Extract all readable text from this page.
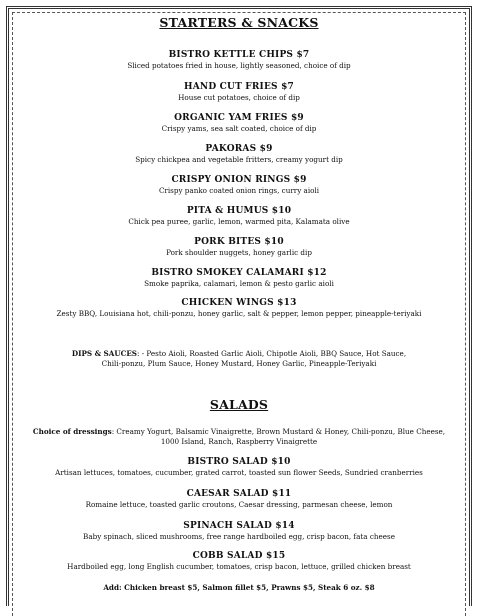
STARTERS & SNACKS
BISTRO KETTLE CHIPS $7
Sliced potatoes fried in house, lightly seasoned, choice of dip
HAND CUT FRIES $7
House cut potatoes, choice of dip
ORGANIC YAM FRIES $9
Crispy yams, sea salt coated, choice of dip
PAKORAS $9
Spicy chickpea and vegetable fritters, creamy yogurt dip
CRISPY ONION RINGS $9
Crispy panko coated onion rings, curry aioli
PITA & HUMUS $10
Chick pea puree, garlic, lemon, warmed pita, Kalamata olive
PORK BITES $10
Pork shoulder nuggets, honey garlic dip
BISTRO SMOKEY CALAMARI $12
Smoke paprika, calamari, lemon & pesto garlic aioli
CHICKEN WINGS $13
Zesty BBQ, Louisiana hot, chili-ponzu, honey garlic, salt & pepper, lemon pepper, pineapple-teriyaki
DIPS & SAUCES: - Pesto Aioli, Roasted Garlic Aioli, Chipotle Aioli, BBQ Sauce, Hot Sauce,
Chili-ponzu, Plum Sauce, Honey Mustard, Honey Garlic, Pineapple-Teriyaki
SALADS
Choice of dressings: Creamy Yogurt, Balsamic Vinaigrette, Brown Mustard & Honey, Chili-ponzu, Blue Cheese,
1000 Island, Ranch, Raspberry Vinaigrette
BISTRO SALAD $10
Artisan lettuces, tomatoes, cucumber, grated carrot, toasted sun flower Seeds, Sundried cranberries
CAESAR SALAD $11
Romaine lettuce, toasted garlic croutons, Caesar dressing, parmesan cheese, lemon
SPINACH SALAD $14
Baby spinach, sliced mushrooms, free range hardboiled egg, crisp bacon, fata cheese
COBB SALAD $15
Hardboiled egg, long English cucumber, tomatoes, crisp bacon, lettuce, grilled chicken breast
Add: Chicken breast $5, Salmon fillet $5, Prawns $5, Steak 6 oz. $8
